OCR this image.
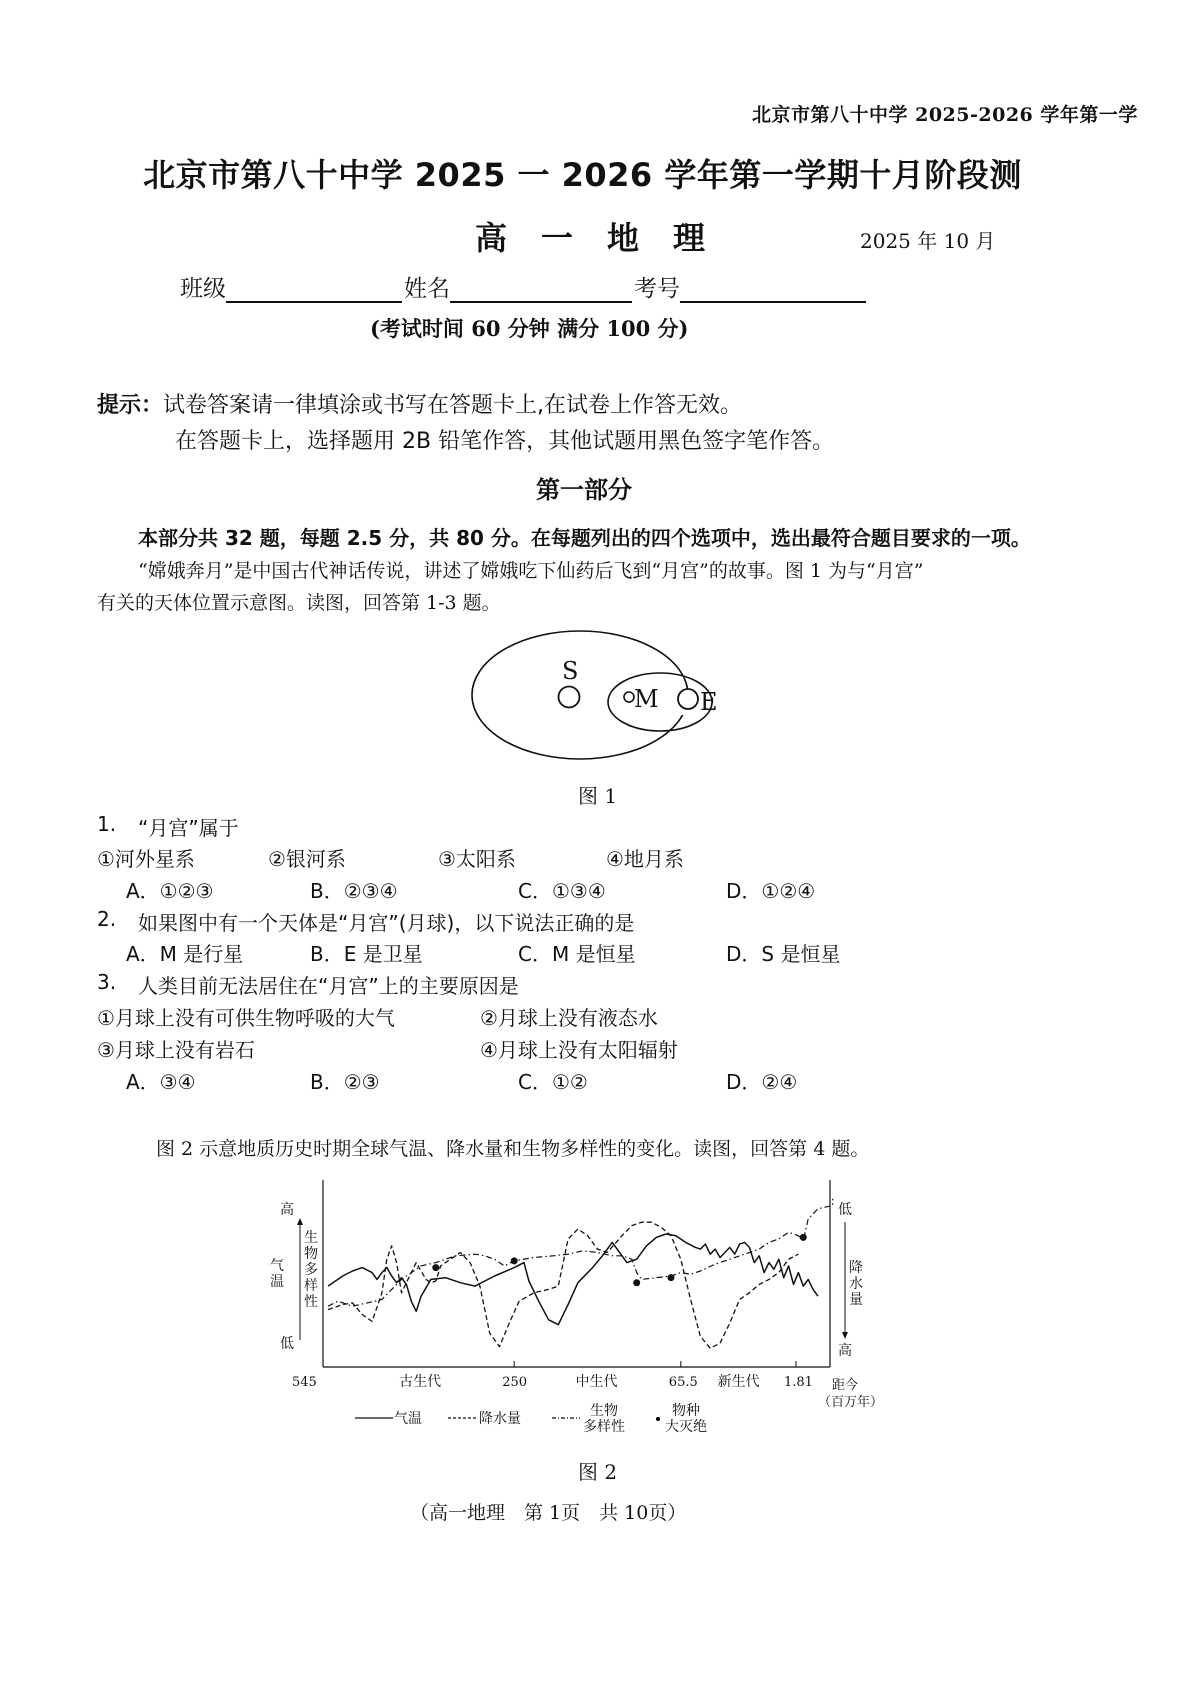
北京市第八十中学 2025-2026 学年第一学
北京市第八十中学 2025 一 2026 学年第一学期十月阶段测
高一地理	2025 年 10 月
班级	姓名	考号
(考试时间 60 分钟 满分 100 分)
提示：试卷答案请一律填涂或书写在答题卡上,在试卷上作答无效。
在答题卡上，选择题用 2B 铅笔作答，其他试题用黑色签字笔作答。
第一部分
本部分共 32 题，每题 2.5 分，共 80 分。在每题列出的四个选项中，选出最符合题目要求的一项。
“嫦娥奔月”是中国古代神话传说，讲述了嫦娥吃下仙药后飞到“月宫”的故事。图 1 为与“月宫”
有关的天体位置示意图。读图，回答第 1-3 题。
S
M E
图 1
1. “月宫”属于
①河外星系	②银河系	③太阳系	④地月系
A．①②③	B．②③④	C．①③④	D．①②④
2. 如果图中有一个天体是“月宫”(月球)，以下说法正确的是
A．M 是行星	B．E 是卫星	C．M 是恒星	D．S 是恒星
3. 人类目前无法居住在“月宫”上的主要原因是
①月球上没有可供生物呼吸的大气	②月球上没有液态水
③月球上没有岩石	④月球上没有太阳辐射
A．③④	B．②③	C．①②	D．②④
图 2 示意地质历史时期全球气温、降水量和生物多样性的变化。读图，回答第 4 题。
高
低
气
温
生
物
多
样
性
低
高
降
水
量
545	250	65.5	1.81
古生代	中生代	新生代	距今 （百万年）
气温	降水量	生物
多样性
物种
大灭绝
图 2
（高一地理　第 1页　共 10页）
